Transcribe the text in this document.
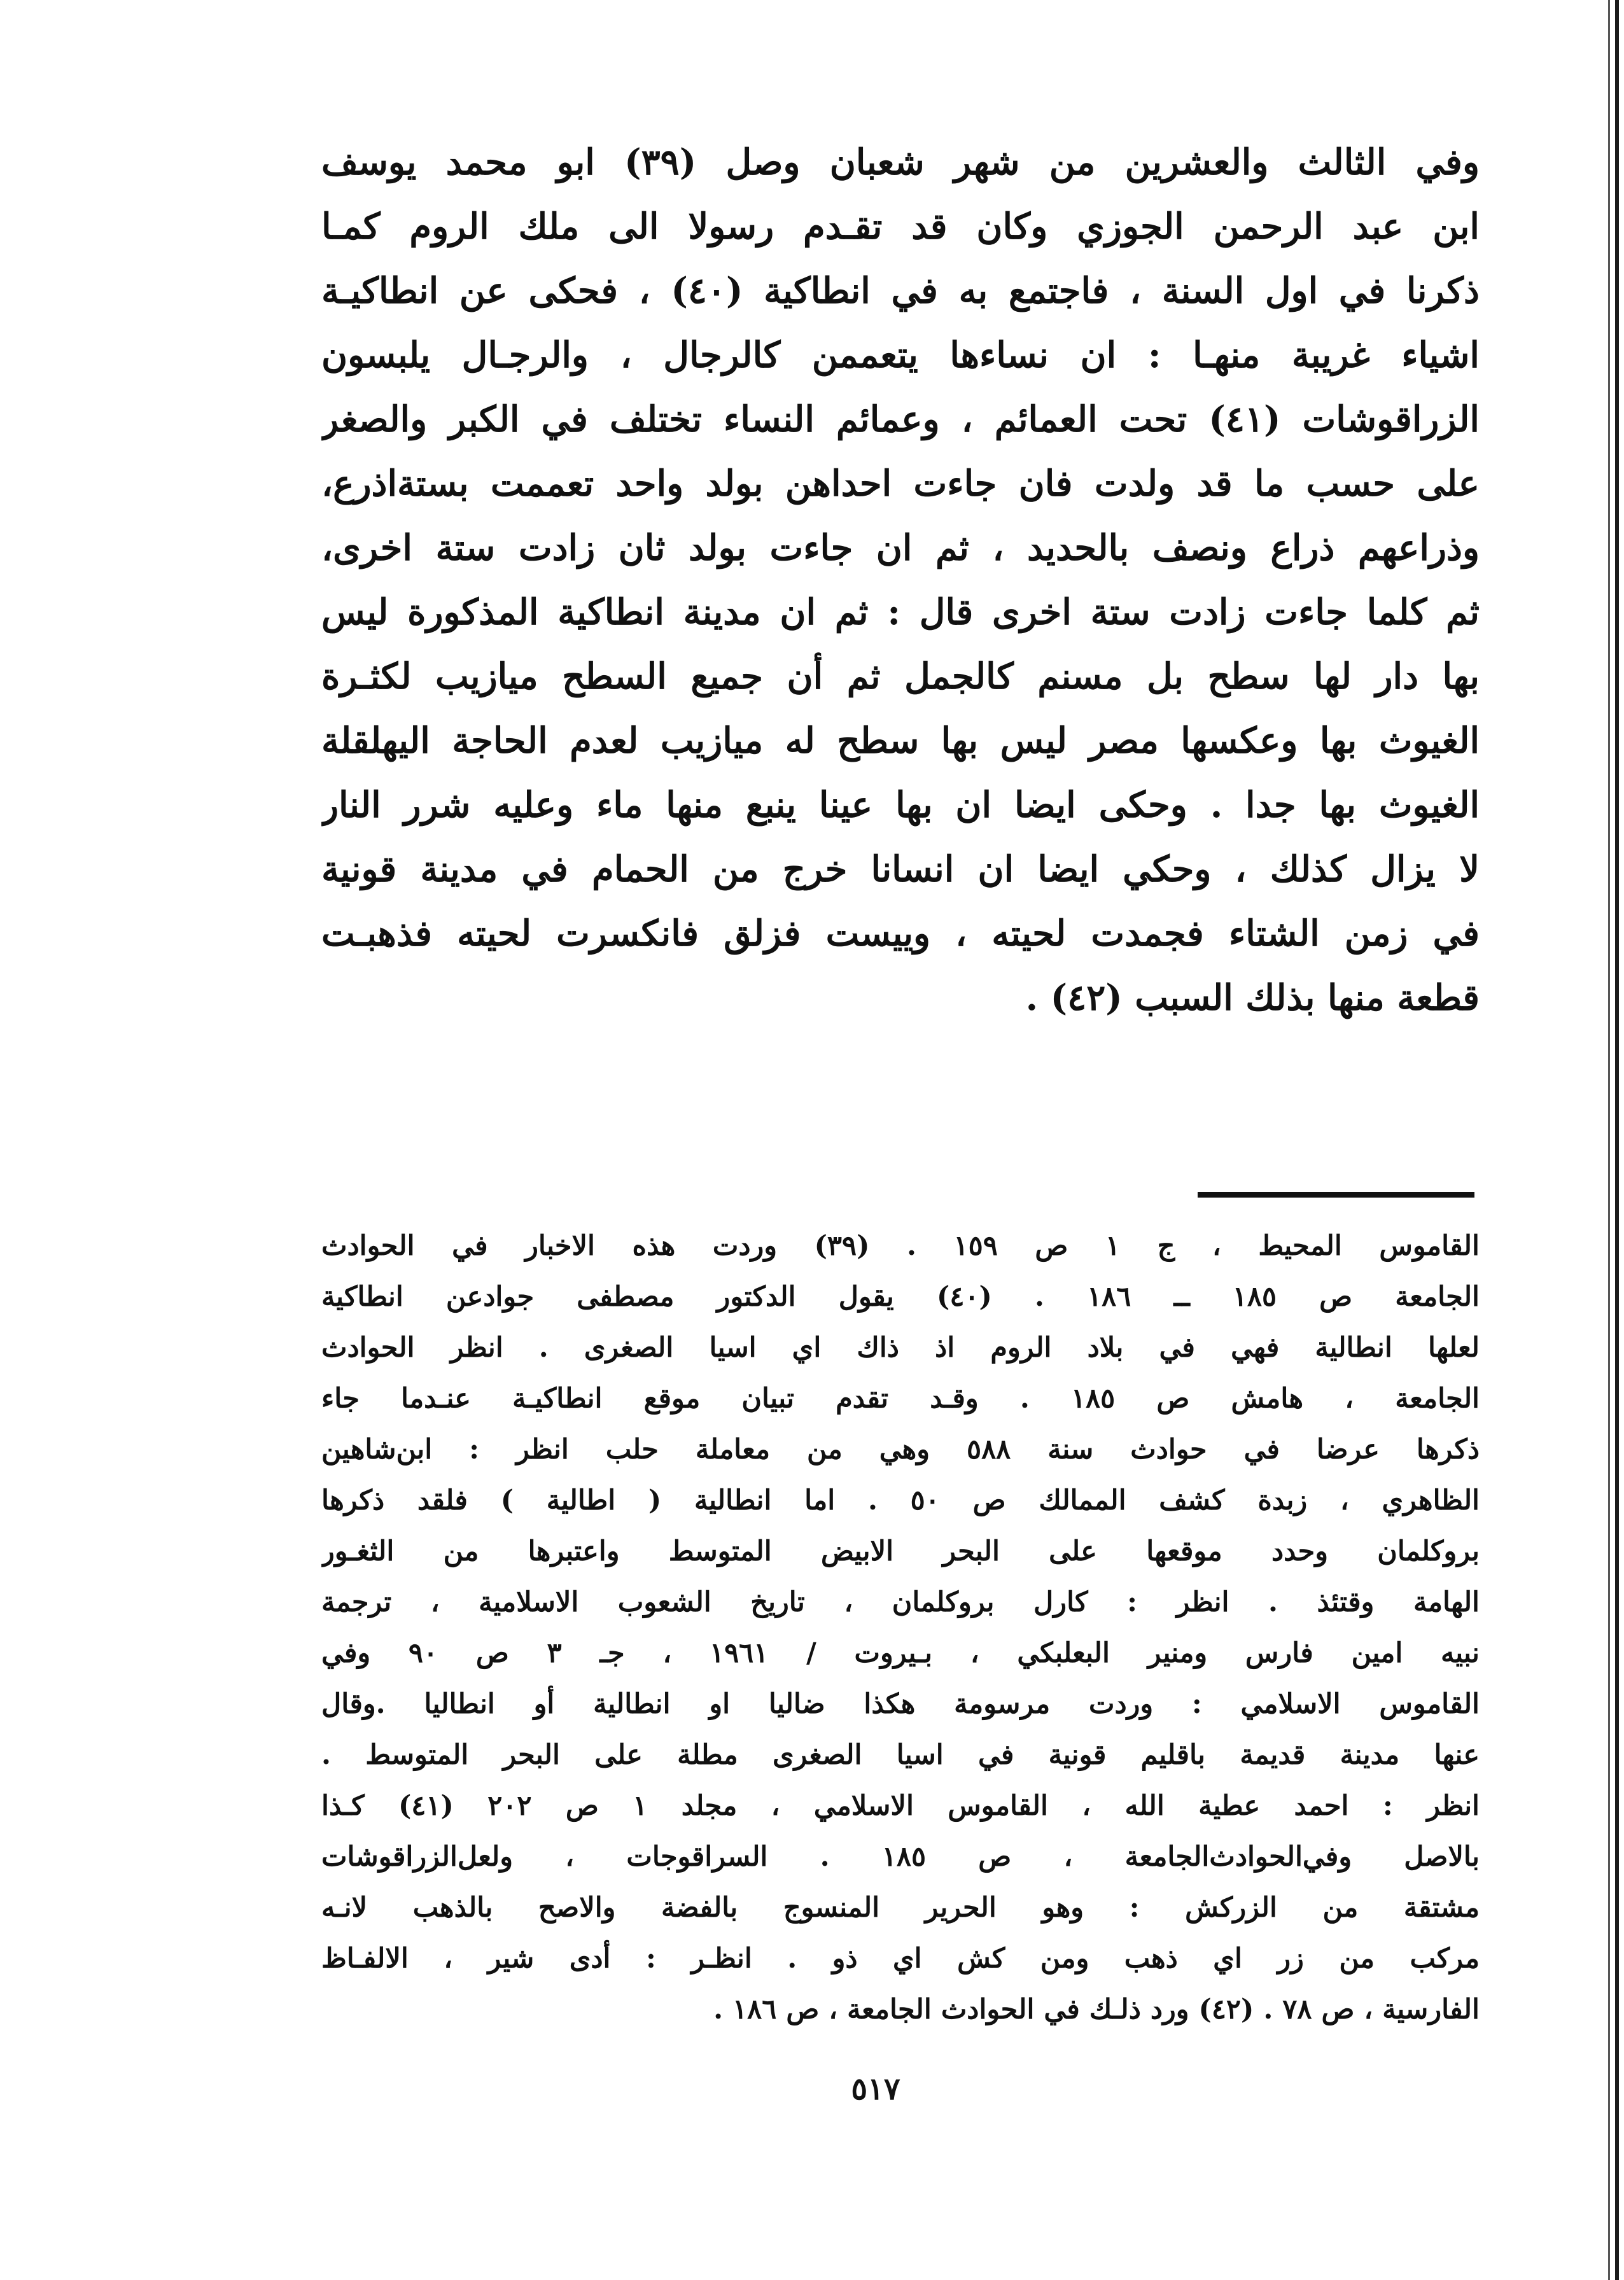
وفي الثالث والعشرين من شهر شعبان وصل (٣٩) ابو محمد يوسف
ابن عبد الرحمن الجوزي وكان قد تقـدم رسولا الى ملك الروم كمـا
ذكرنا في اول السنة ، فاجتمع به في انطاكية (٤٠) ، فحكى عن انطاكيـة
اشياء غريبة منهـا : ان نساءها يتعممن كالرجال ، والرجـال يلبسون
الزراقوشات (٤١) تحت العمائم ، وعمائم النساء تختلف في الكبر والصغر
على حسب ما قد ولدت فان جاءت احداهن بولد واحد تعممت بستةاذرع،
وذراعهم ذراع ونصف بالحديد ، ثم ان جاءت بولد ثان زادت ستة اخرى،
ثم كلما جاءت زادت ستة اخرى قال : ثم ان مدينة انطاكية المذكورة ليس
بها دار لها سطح بل مسنم كالجمل ثم أن جميع السطح ميازيب لكثـرة
الغيوث بها وعكسها مصر ليس بها سطح له ميازيب لعدم الحاجة اليهلقلة
الغيوث بها جدا . وحكى ايضا ان بها عينا ينبع منها ماء وعليه شرر النار
لا يزال كذلك ، وحكي ايضا ان انسانا خرج من الحمام في مدينة قونية
في زمن الشتاء فجمدت لحيته ، وييست فزلق فانكسرت لحيته فذهبـت
قطعة منها بذلك السبب (٤٢) .
القاموس المحيط ، ج ١ ص ١٥٩ . (٣٩) وردت هذه الاخبار في الحوادث
الجامعة ص ١٨٥ ــ ١٨٦ . (٤٠) يقول الدكتور مصطفى جوادعن انطاكية
لعلها انطالية فهي في بلاد الروم اذ ذاك اي اسيا الصغرى . انظر الحوادث
الجامعة ، هامش ص ١٨٥ . وقـد تقدم تبيان موقع انطاكيـة عنـدما جاء
ذكرها عرضا في حوادث سنة ٥٨٨ وهي من معاملة حلب انظر : ابن‌شاهين
الظاهري ، زبدة كشف الممالك ص ٥٠ . اما انطالية ( اطالية ) فلقد ذكرها
بروكلمان وحدد موقعها على البحر الابيض المتوسط واعتبرها من الثغـور
الهامة وقتئذ . انظر : كارل بروكلمان ، تاريخ الشعوب الاسلامية ، ترجمة
نبيه امين فارس ومنير البعلبكي ، بـيروت / ١٩٦١ ، جـ ٣ ص ٩٠ وفي
القاموس الاسلامي : وردت مرسومة هكذا ضاليا او انطالية أو انطاليا .وقال
عنها مدينة قديمة باقليم قونية في اسيا الصغرى مطلة على البحر المتوسط .
انظر : احمد عطية الله ، القاموس الاسلامي ، مجلد ١ ص ٢٠٢ (٤١) كـذا
بالاصل وفي‌الحوادث‌الجامعة ، ص ١٨٥ . السراقوجات ، ولعل‌الزراقوشات
مشتقة من الزركش : وهو الحرير المنسوج بالفضة والاصح بالذهب لانـه
مركب من زر اي ذهب ومن كش اي ذو . انظـر : أدى شير ، الالفـاظ
الفارسية ، ص ٧٨ . (٤٢) ورد ذلـك في الحوادث الجامعة ، ص ١٨٦ .
٥١٧
